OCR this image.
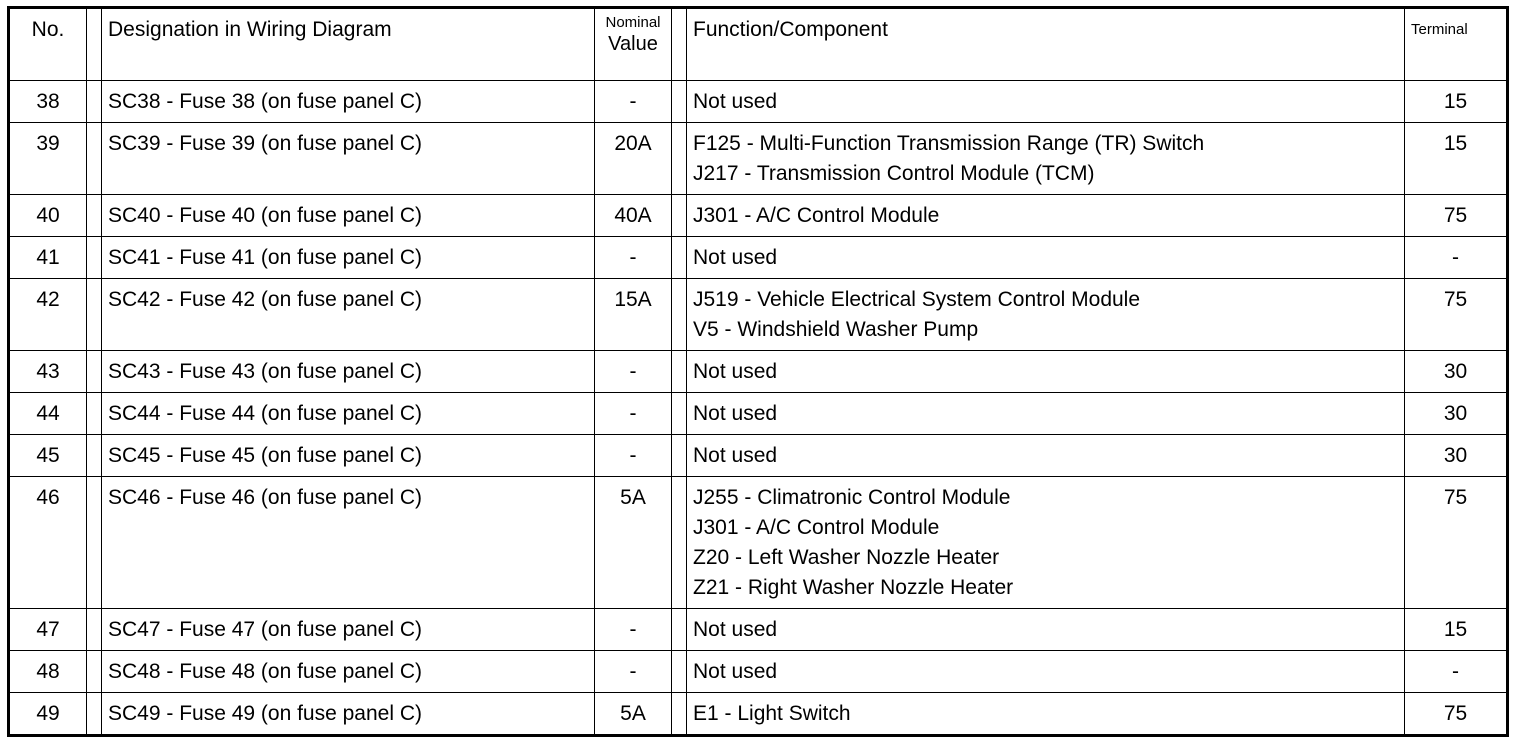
No.		Designation in Wiring Diagram	Nominal
Value		Function/Component	Terminal
38		SC38 - Fuse 38 (on fuse panel C)	-		Not used	15
39		SC39 - Fuse 39 (on fuse panel C)	20A		F125 - Multi-Function Transmission Range (TR) Switch
J217 - Transmission Control Module (TCM)	15
40		SC40 - Fuse 40 (on fuse panel C)	40A		J301 - A/C Control Module	75
41		SC41 - Fuse 41 (on fuse panel C)	-		Not used	-
42		SC42 - Fuse 42 (on fuse panel C)	15A		J519 - Vehicle Electrical System Control Module
V5 - Windshield Washer Pump	75
43		SC43 - Fuse 43 (on fuse panel C)	-		Not used	30
44		SC44 - Fuse 44 (on fuse panel C)	-		Not used	30
45		SC45 - Fuse 45 (on fuse panel C)	-		Not used	30
46		SC46 - Fuse 46 (on fuse panel C)	5A		J255 - Climatronic Control Module
J301 - A/C Control Module
Z20 - Left Washer Nozzle Heater
Z21 - Right Washer Nozzle Heater	75
47		SC47 - Fuse 47 (on fuse panel C)	-		Not used	15
48		SC48 - Fuse 48 (on fuse panel C)	-		Not used	-
49		SC49 - Fuse 49 (on fuse panel C)	5A		E1 - Light Switch	75
